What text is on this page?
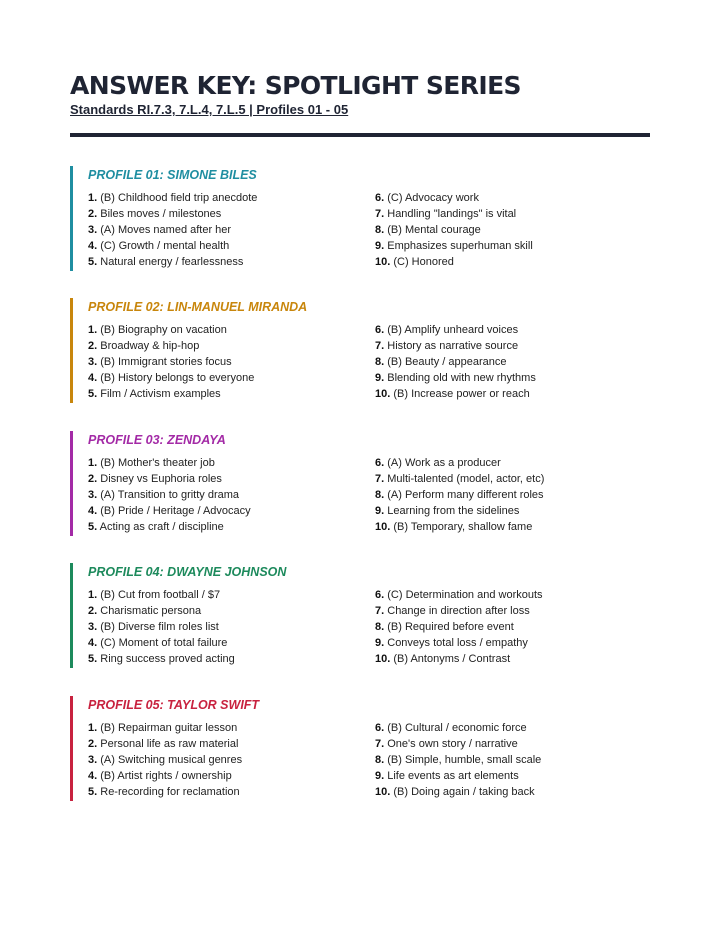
ANSWER KEY: SPOTLIGHT SERIES
Standards RI.7.3, 7.L.4, 7.L.5 | Profiles 01 - 05
PROFILE 01: SIMONE BILES
1. (B) Childhood field trip anecdote
2. Biles moves / milestones
3. (A) Moves named after her
4. (C) Growth / mental health
5. Natural energy / fearlessness
6. (C) Advocacy work
7. Handling "landings" is vital
8. (B) Mental courage
9. Emphasizes superhuman skill
10. (C) Honored
PROFILE 02: LIN-MANUEL MIRANDA
1. (B) Biography on vacation
2. Broadway & hip-hop
3. (B) Immigrant stories focus
4. (B) History belongs to everyone
5. Film / Activism examples
6. (B) Amplify unheard voices
7. History as narrative source
8. (B) Beauty / appearance
9. Blending old with new rhythms
10. (B) Increase power or reach
PROFILE 03: ZENDAYA
1. (B) Mother's theater job
2. Disney vs Euphoria roles
3. (A) Transition to gritty drama
4. (B) Pride / Heritage / Advocacy
5. Acting as craft / discipline
6. (A) Work as a producer
7. Multi-talented (model, actor, etc)
8. (A) Perform many different roles
9. Learning from the sidelines
10. (B) Temporary, shallow fame
PROFILE 04: DWAYNE JOHNSON
1. (B) Cut from football / $7
2. Charismatic persona
3. (B) Diverse film roles list
4. (C) Moment of total failure
5. Ring success proved acting
6. (C) Determination and workouts
7. Change in direction after loss
8. (B) Required before event
9. Conveys total loss / empathy
10. (B) Antonyms / Contrast
PROFILE 05: TAYLOR SWIFT
1. (B) Repairman guitar lesson
2. Personal life as raw material
3. (A) Switching musical genres
4. (B) Artist rights / ownership
5. Re-recording for reclamation
6. (B) Cultural / economic force
7. One's own story / narrative
8. (B) Simple, humble, small scale
9. Life events as art elements
10. (B) Doing again / taking back
